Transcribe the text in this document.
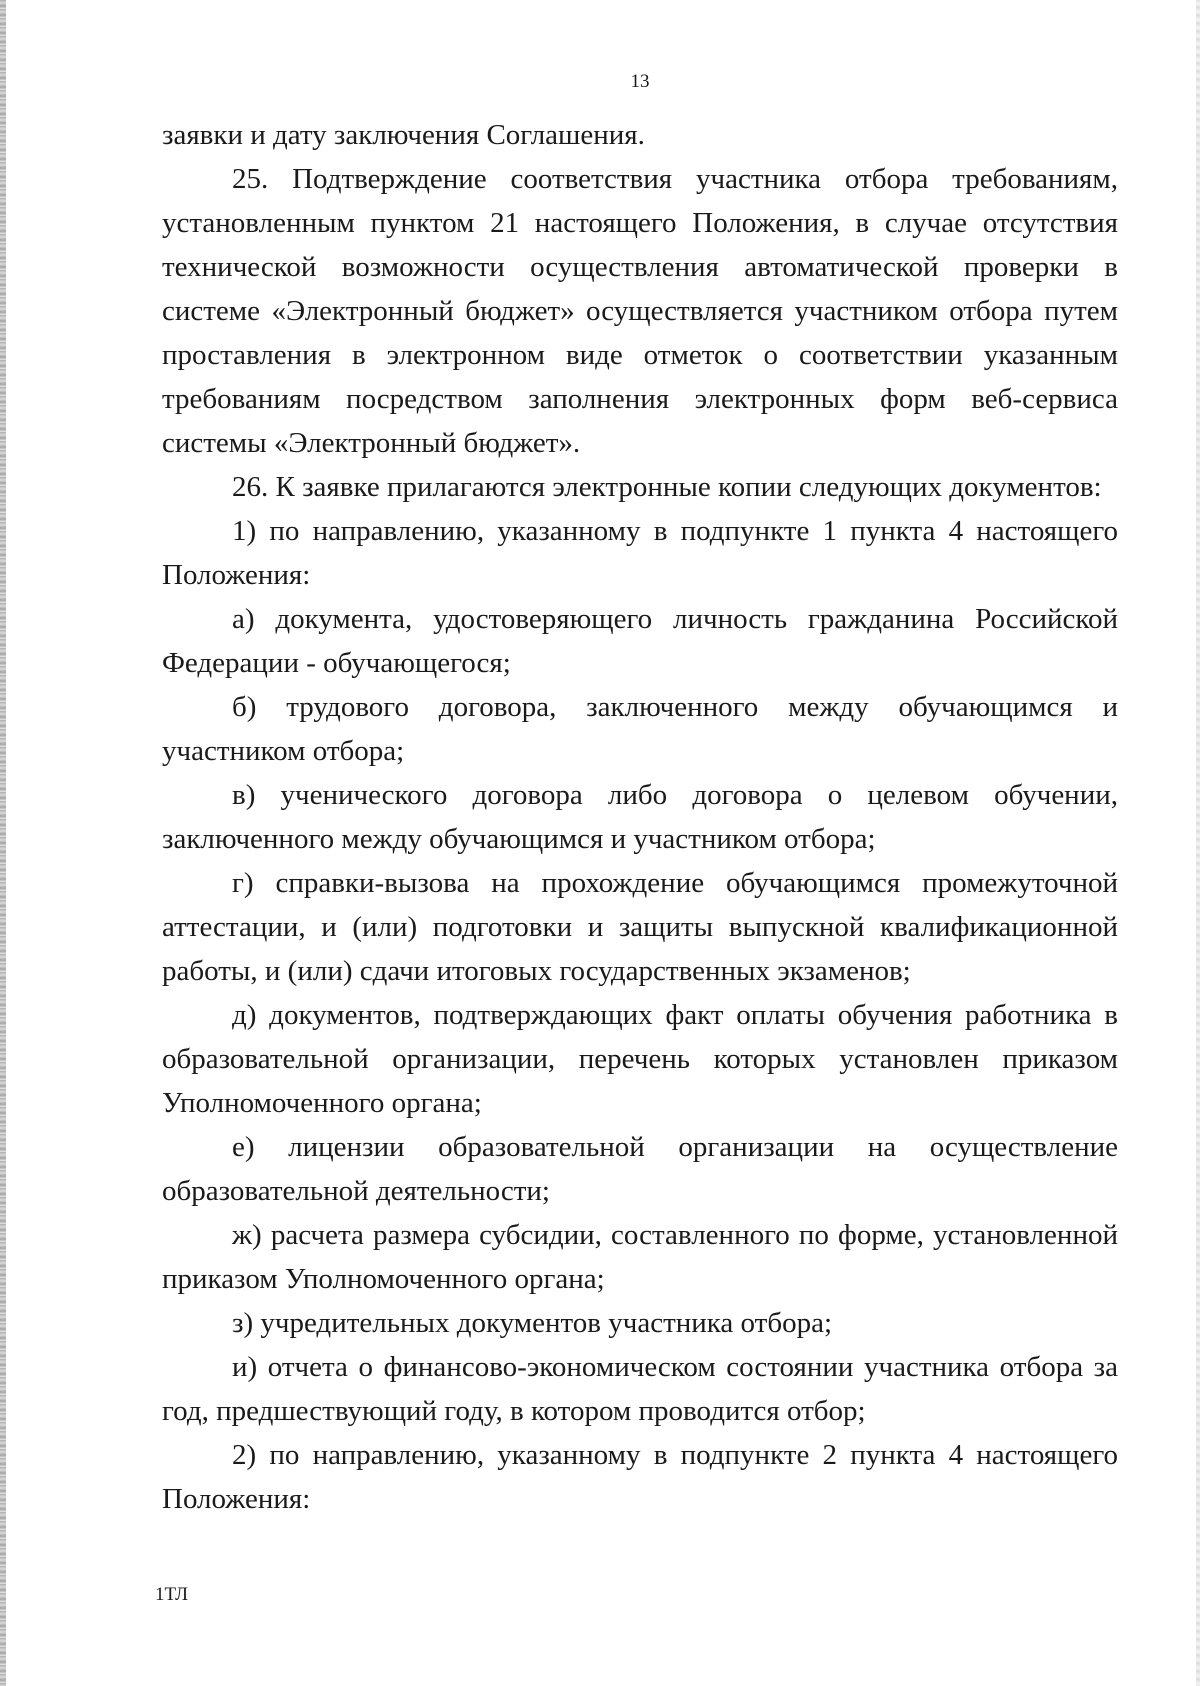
13

заявки и дату заключения Соглашения.

25. Подтверждение соответствия участника отбора требованиям, установленным пунктом 21 настоящего Положения, в случае отсутствия технической возможности осуществления автоматической проверки в системе «Электронный бюджет» осуществляется участником отбора путем проставления в электронном виде отметок о соответствии указанным требованиям посредством заполнения электронных форм веб-сервиса системы «Электронный бюджет».

26. К заявке прилагаются электронные копии следующих документов:

1) по направлению, указанному в подпункте 1 пункта 4 настоящего Положения:

а) документа, удостоверяющего личность гражданина Российской Федерации - обучающегося;

б) трудового договора, заключенного между обучающимся и участником отбора;

в) ученического договора либо договора о целевом обучении, заключенного между обучающимся и участником отбора;

г) справки-вызова на прохождение обучающимся промежуточной аттестации, и (или) подготовки и защиты выпускной квалификационной работы, и (или) сдачи итоговых государственных экзаменов;

д) документов, подтверждающих факт оплаты обучения работника в образовательной организации, перечень которых установлен приказом Уполномоченного органа;

е) лицензии образовательной организации на осуществление образовательной деятельности;

ж) расчета размера субсидии, составленного по форме, установленной приказом Уполномоченного органа;

з) учредительных документов участника отбора;

и) отчета о финансово-экономическом состоянии участника отбора за год, предшествующий году, в котором проводится отбор;

2) по направлению, указанному в подпункте 2 пункта 4 настоящего Положения:

1ТЛ
